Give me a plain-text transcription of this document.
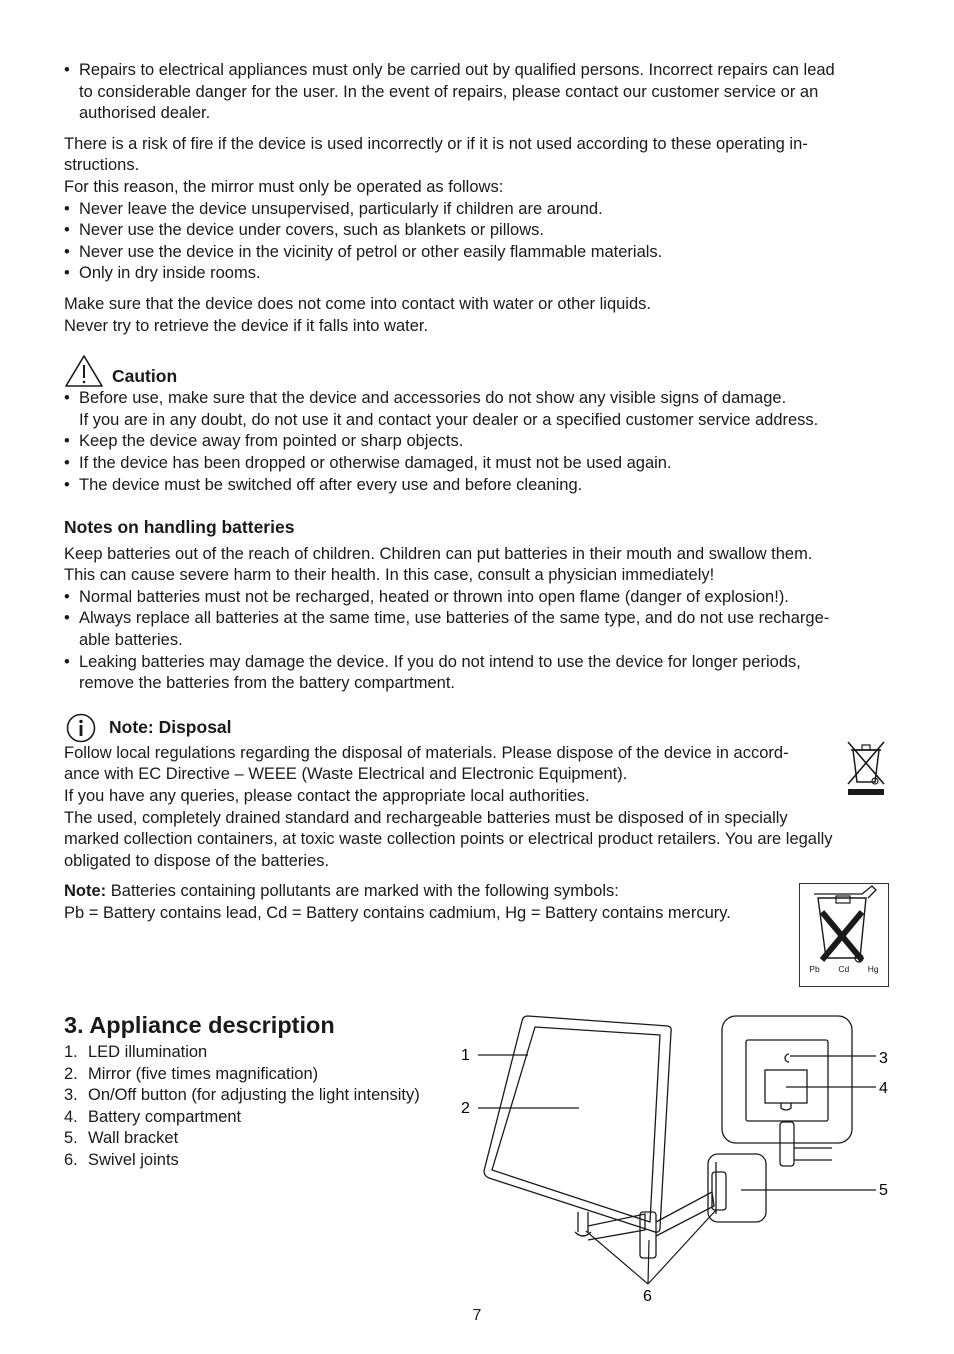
• Repairs to electrical appliances must only be carried out by qualified persons. Incorrect repairs can lead

to considerable danger for the user. In the event of repairs, please contact our customer service or an

authorised dealer.

There is a risk of fire if the device is used incorrectly or if it is not used according to these operating in-

structions.

For this reason, the mirror must only be operated as follows:

• Never leave the device unsupervised, particularly if children are around.

• Never use the device under covers, such as blankets or pillows.

• Never use the device in the vicinity of petrol or other easily flammable materials.

• Only in dry inside rooms.

Make sure that the device does not come into contact with water or other liquids.

Never try to retrieve the device if it falls into water.

Caution

• Before use, make sure that the device and accessories do not show any visible signs of damage.

If you are in any doubt, do not use it and contact your dealer or a specified customer service address.

• Keep the device away from pointed or sharp objects.

• If the device has been dropped or otherwise damaged, it must not be used again.

• The device must be switched off after every use and before cleaning.

Notes on handling batteries

Keep batteries out of the reach of children. Children can put batteries in their mouth and swallow them.

This can cause severe harm to their health. In this case, consult a physician immediately!

• Normal batteries must not be recharged, heated or thrown into open flame (danger of explosion!).

• Always replace all batteries at the same time, use batteries of the same type, and do not use recharge-

able batteries.

• Leaking batteries may damage the device. If you do not intend to use the device for longer periods,

remove the batteries from the battery compartment.

Note: Disposal

Follow local regulations regarding the disposal of materials. Please dispose of the device in accord-

ance with EC Directive – WEEE (Waste Electrical and Electronic Equipment).

If you have any queries, please contact the appropriate local authorities.

The used, completely drained standard and rechargeable batteries must be disposed of in specially

marked collection containers, at toxic waste collection points or electrical product retailers. You are legally

obligated to dispose of the batteries.

Note: Batteries containing pollutants are marked with the following symbols:

Pb = Battery contains lead, Cd = Battery contains cadmium, Hg = Battery contains mercury.

Pb Cd Hg
3. Appliance description
1. LED illumination
2. Mirror (five times magnification)
3. On/Off button (for adjusting the light intensity)
4. Battery compartment
5. Wall bracket
6. Swivel joints
1
2
3
4
5
6
7
